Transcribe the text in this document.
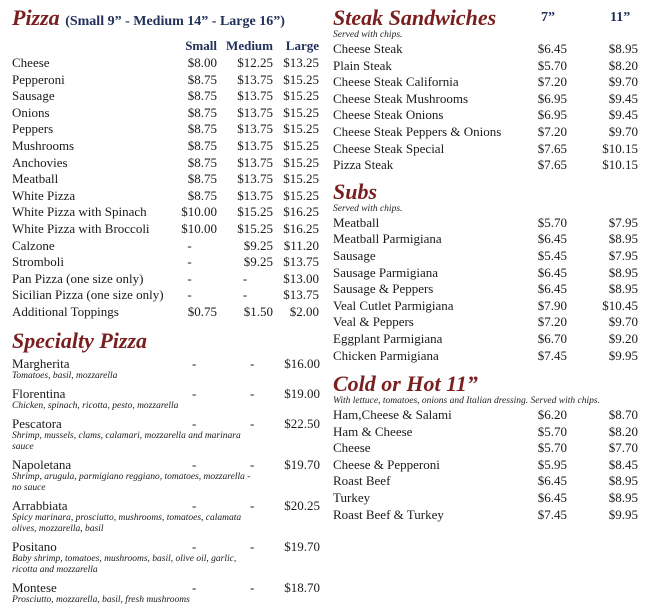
Pizza (Small 9” - Medium 14” - Large 16”)
Small Medium Large
Cheese	$8.00	$12.25 $13.25
Pepperoni	$8.75	$13.75 $15.25
Sausage	$8.75	$13.75 $15.25
Onions	$8.75	$13.75 $15.25
Peppers	$8.75	$13.75 $15.25
Mushrooms	$8.75	$13.75 $15.25
Anchovies	$8.75	$13.75 $15.25
Meatball	$8.75	$13.75 $15.25
White Pizza	$8.75	$13.75 $15.25
White Pizza with Spinach	$10.00	$15.25 $16.25
White Pizza with Broccoli	$10.00	$15.25 $16.25
Calzone	-	$9.25 $11.20
Stromboli	-	$9.25 $13.75
Pan Pizza (one size only)	-	-	$13.00
Sicilian Pizza (one size only)	-	-	$13.75
Additional Toppings	$0.75	$1.50	$2.00
Specialty Pizza
Margherita	-	-	$16.00
Tomatoes, basil, mozzarella
Florentina	-	-	$19.00
Chicken, spinach, ricotta, pesto, mozzarella
Pescatora	-	-	$22.50
Shrimp, mussels, clams, calamari, mozzarella and marinara sauce
Napoletana	-	-	$19.70
Shrimp, arugula, parmigiano reggiano, tomatoes, mozzarella - no sauce
Arrabbiata	-	-	$20.25
Spicy marinara, prosciutto, mushrooms, tomatoes, calamata olives, mozzarella, basil
Positano	-	-	$19.70
Baby shrimp, tomatoes, mushrooms, basil, olive oil, garlic, ricotta and mozzarella
Montese	-	-	$18.70
Prosciutto, mozzarella, basil, fresh mushrooms
Steak Sandwiches	7”	11”
Served with chips.
Cheese Steak	$6.45	$8.95
Plain Steak	$5.70	$8.20
Cheese Steak California	$7.20	$9.70
Cheese Steak Mushrooms	$6.95	$9.45
Cheese Steak Onions	$6.95	$9.45
Cheese Steak Peppers & Onions	$7.20	$9.70
Cheese Steak Special	$7.65	$10.15
Pizza Steak	$7.65	$10.15
Subs
Served with chips.
Meatball	$5.70	$7.95
Meatball Parmigiana	$6.45	$8.95
Sausage	$5.45	$7.95
Sausage Parmigiana	$6.45	$8.95
Sausage & Peppers	$6.45	$8.95
Veal Cutlet Parmigiana	$7.90	$10.45
Veal & Peppers	$7.20	$9.70
Eggplant Parmigiana	$6.70	$9.20
Chicken Parmigiana	$7.45	$9.95
Cold or Hot 11”
With lettuce, tomatoes, onions and Italian dressing. Served with chips.
Ham,Cheese & Salami	$6.20	$8.70
Ham & Cheese	$5.70	$8.20
Cheese	$5.70	$7.70
Cheese & Pepperoni	$5.95	$8.45
Roast Beef	$6.45	$8.95
Turkey	$6.45	$8.95
Roast Beef & Turkey	$7.45	$9.95
